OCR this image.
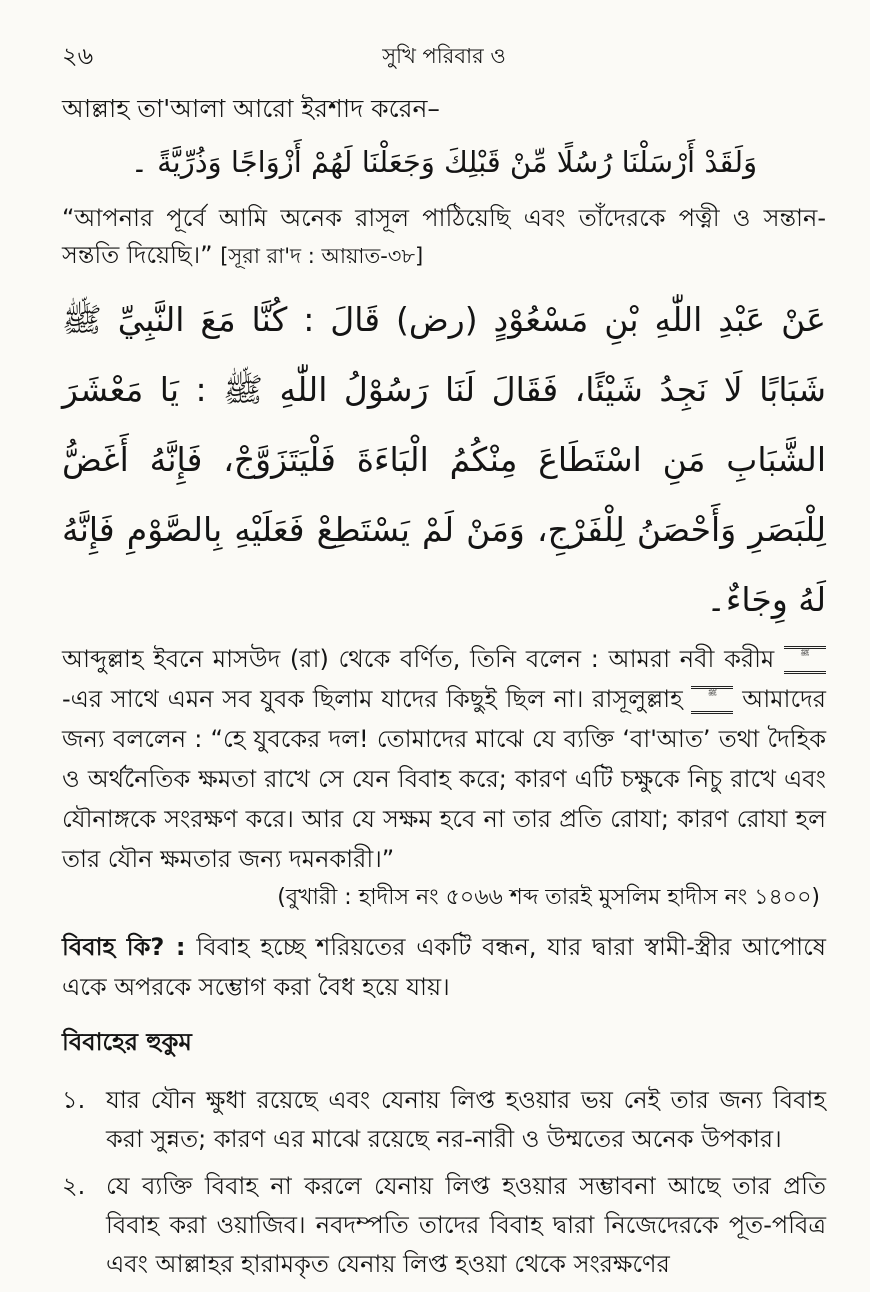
২৬	সুখি পরিবার ও

আল্লাহ তা'আলা আরো ইরশাদ করেন–

وَلَقَدْ أَرْسَلْنَا رُسُلًا مِّنْ قَبْلِكَ وَجَعَلْنَا لَهُمْ أَزْوَاجًا وَذُرِّيَّةً ۔

“আপনার পূর্বে আমি অনেক রাসূল পাঠিয়েছি এবং তাঁদেরকে পত্নী ও সন্তান-সন্ততি দিয়েছি।” [সূরা রা'দ : আয়াত-৩৮]

عَنْ عَبْدِ اللّٰهِ بْنِ مَسْعُوْدٍ (رض) قَالَ : كُنَّا مَعَ النَّبِيِّ ﷺ شَبَابًا لَا نَجِدُ شَيْئًا، فَقَالَ لَنَا رَسُوْلُ اللّٰهِ ﷺ : يَا مَعْشَرَ الشَّبَابِ مَنِ اسْتَطَاعَ مِنْكُمُ الْبَاءَةَ فَلْيَتَزَوَّجْ، فَإِنَّهُ أَغَضُّ لِلْبَصَرِ وَأَحْصَنُ لِلْفَرْجِ، وَمَنْ لَمْ يَسْتَطِعْ فَعَلَيْهِ بِالصَّوْمِ فَإِنَّهُ لَهُ وِجَاءٌ۔

আব্দুল্লাহ ইবনে মাসউদ (রা) থেকে বর্ণিত, তিনি বলেন : আমরা নবী করীম	ﷺ-এর সাথে এমন সব যুবক ছিলাম যাদের কিছুই ছিল না। রাসূলুল্লাহ	ﷺ আমাদের জন্য বললেন : “হে যুবকের দল! তোমাদের মাঝে যে ব্যক্তি ‘বা'আত’ তথা দৈহিক ও অর্থনৈতিক ক্ষমতা রাখে সে যেন বিবাহ করে; কারণ এটি চক্ষুকে নিচু রাখে এবং যৌনাঙ্গকে সংরক্ষণ করে। আর যে সক্ষম হবে না তার প্রতি রোযা; কারণ রোযা হল তার যৌন ক্ষমতার জন্য দমনকারী।”

(বুখারী : হাদীস নং ৫০৬৬ শব্দ তারই মুসলিম হাদীস নং ১৪০০)

বিবাহ কি? : বিবাহ হচ্ছে শরিয়তের একটি বন্ধন, যার দ্বারা স্বামী-স্ত্রীর আপোষে একে অপরকে সম্ভোগ করা বৈধ হয়ে যায়।

বিবাহের হুকুম
১. যার যৌন ক্ষুধা রয়েছে এবং যেনায় লিপ্ত হওয়ার ভয় নেই তার জন্য বিবাহ করা সুন্নত; কারণ এর মাঝে রয়েছে নর-নারী ও উম্মতের অনেক উপকার।
২. যে ব্যক্তি বিবাহ না করলে যেনায় লিপ্ত হওয়ার সম্ভাবনা আছে তার প্রতি বিবাহ করা ওয়াজিব। নবদম্পতি তাদের বিবাহ দ্বারা নিজেদেরকে পূত-পবিত্র এবং আল্লাহর হারামকৃত যেনায় লিপ্ত হওয়া থেকে সংরক্ষণের
